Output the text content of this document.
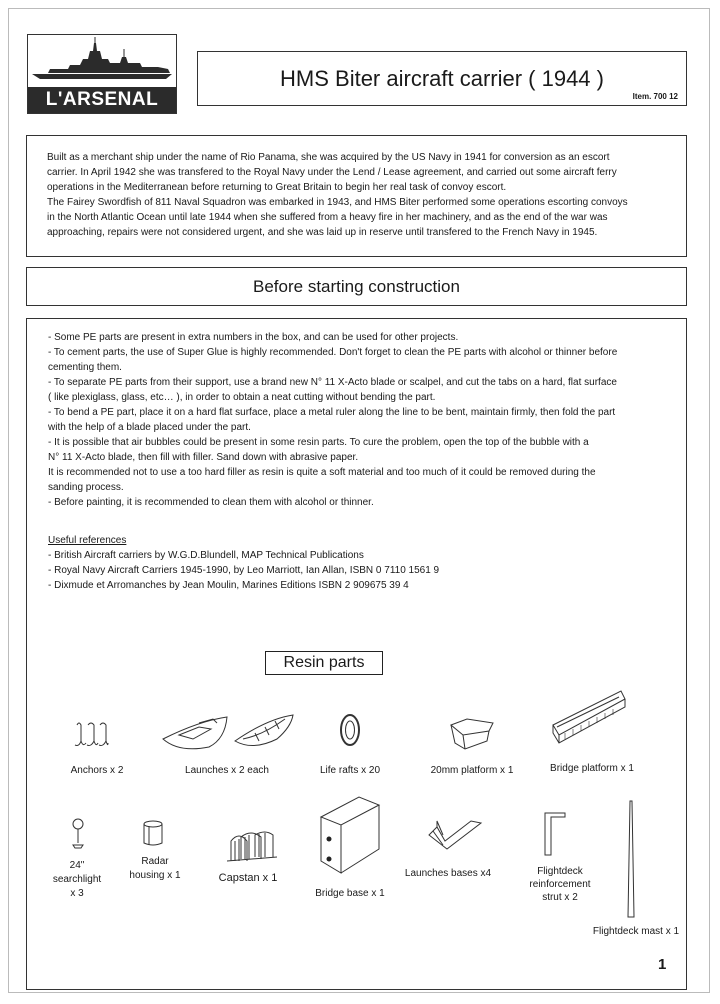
L'ARSENAL
HMS Biter aircraft carrier ( 1944 )
Item. 700 12

Built as a merchant ship under the name of Rio Panama, she was acquired by the US Navy in 1941 for conversion as an escort

carrier. In April 1942 she was transfered to the Royal Navy under the Lend / Lease agreement, and carried out some aircraft ferry

operations in the Mediterranean before returning to Great Britain to begin her real task of convoy escort.

The Fairey Swordfish of 811 Naval Squadron was embarked in 1943, and HMS Biter performed some operations escorting convoys

in the North Atlantic Ocean until late 1944 when she suffered from a heavy fire in her machinery, and as the end of the war was

approaching, repairs were not considered urgent, and she was laid up in reserve until transfered to the French Navy in 1945.

Before starting construction

- Some PE parts are present in extra numbers in the box, and can be used for other projects.

- To cement parts, the use of Super Glue is highly recommended. Don't forget to clean the PE parts with alcohol or thinner before

cementing them.

- To separate PE parts from their support, use a brand new N° 11 X-Acto blade or scalpel, and cut the tabs on a hard, flat surface

( like plexiglass, glass, etc… ), in order to obtain a neat cutting without bending the part.

- To bend a PE part, place it on a hard flat surface, place a metal ruler along the line to be bent, maintain firmly, then fold the part

with the help of a blade placed under the part.

- It is possible that air bubbles could be present in some resin parts. To cure the problem, open the top of the bubble with a

N° 11 X-Acto blade, then fill with filler. Sand down with abrasive paper.

It is recommended not to use a too hard filler as resin is quite a soft material and too much of it could be removed during the

sanding process.

- Before painting, it is recommended to clean them with alcohol or thinner.

Useful references

- British Aircraft carriers by W.G.D.Blundell, MAP Technical Publications

- Royal Navy Aircraft Carriers 1945-1990, by Leo Marriott, Ian Allan, ISBN 0 7110 1561 9

- Dixmude et Arromanches by Jean Moulin, Marines Editions ISBN 2 909675 39 4

Resin parts
Anchors x 2	Launches x 2 each	Life rafts x 20	20mm platform x 1	Bridge platform x 1
24"
searchlight
x 3
Radar
housing x 1	Capstan x 1
Bridge base x 1
Launches bases x4	Flightdeck
reinforcement
strut x 2
Flightdeck mast x 1
1
